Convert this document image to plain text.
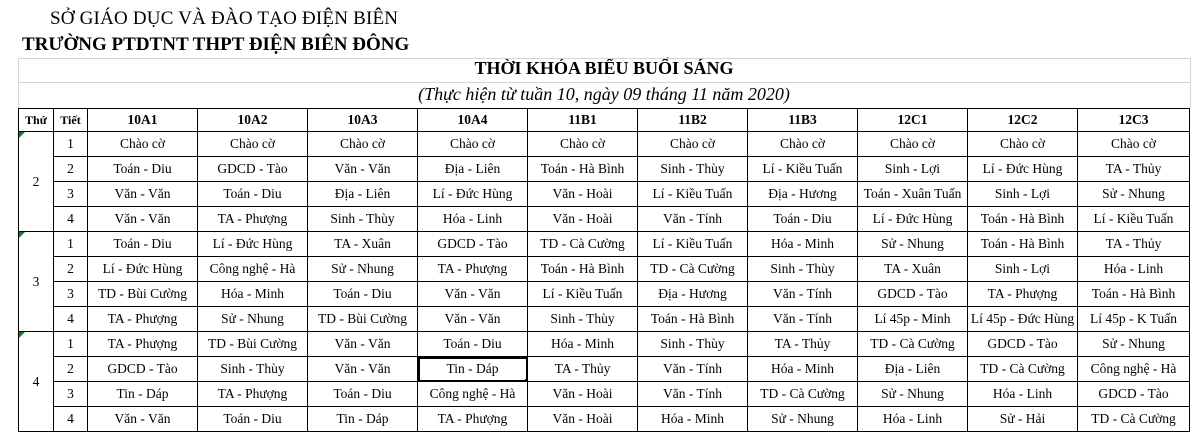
SỞ GIÁO DỤC VÀ ĐÀO TẠO ĐIỆN BIÊN
TRƯỜNG PTDTNT THPT ĐIỆN BIÊN ĐÔNG
THỜI KHÓA BIỂU BUỔI SÁNG
(Thực hiện từ tuần 10, ngày 09 tháng 11 năm 2020)
Thứ	Tiết	10A1	10A2	10A3	10A4	11B1	11B2	11B3	12C1	12C2	12C3

2	1	Chào cờ	Chào cờ	Chào cờ	Chào cờ	Chào cờ	Chào cờ	Chào cờ	Chào cờ	Chào cờ	Chào cờ
	2	Toán - Diu	GDCD - Tào	Văn - Văn	Địa - Liên	Toán - Hà Bình	Sinh - Thùy	Lí - Kiều Tuấn	Sinh - Lợi	Lí - Đức Hùng	TA - Thủy
	3	Văn - Văn	Toán - Diu	Địa - Liên	Lí - Đức Hùng	Văn - Hoài	Lí - Kiều Tuấn	Địa - Hương	Toán - Xuân Tuấn	Sinh - Lợi	Sử - Nhung
	4	Văn - Văn	TA - Phượng	Sinh - Thùy	Hóa - Linh	Văn - Hoài	Văn - Tính	Toán - Diu	Lí - Đức Hùng	Toán - Hà Bình	Lí - Kiều Tuấn

3	1	Toán - Diu	Lí - Đức Hùng	TA - Xuân	GDCD - Tào	TD - Cà Cường	Lí - Kiều Tuấn	Hóa - Minh	Sử - Nhung	Toán - Hà Bình	TA - Thủy
	2	Lí - Đức Hùng	Công nghệ - Hà	Sử - Nhung	TA - Phượng	Toán - Hà Bình	TD - Cà Cường	Sinh - Thùy	TA - Xuân	Sinh - Lợi	Hóa - Linh
	3	TD - Bùi Cường	Hóa - Minh	Toán - Diu	Văn - Văn	Lí - Kiều Tuấn	Địa - Hương	Văn - Tính	GDCD - Tào	TA - Phượng	Toán - Hà Bình
	4	TA - Phượng	Sử - Nhung	TD - Bùi Cường	Văn - Văn	Sinh - Thùy	Toán - Hà Bình	Văn - Tính	Lí 45p - Minh	Lí 45p - Đức Hùng	Lí 45p - K Tuấn

4	1	TA - Phượng	TD - Bùi Cường	Văn - Văn	Toán - Diu	Hóa - Minh	Sinh - Thùy	TA - Thủy	TD - Cà Cường	GDCD - Tào	Sử - Nhung
	2	GDCD - Tào	Sinh - Thùy	Văn - Văn	Tin - Dáp	TA - Thủy	Văn - Tính	Hóa - Minh	Địa - Liên	TD - Cà Cường	Công nghệ - Hà
	3	Tin - Dáp	TA - Phượng	Toán - Diu	Công nghệ - Hà	Văn - Hoài	Văn - Tính	TD - Cà Cường	Sử - Nhung	Hóa - Linh	GDCD - Tào
	4	Văn - Văn	Toán - Diu	Tin - Dáp	TA - Phượng	Văn - Hoài	Hóa - Minh	Sử - Nhung	Hóa - Linh	Sử - Hải	TD - Cà Cường
